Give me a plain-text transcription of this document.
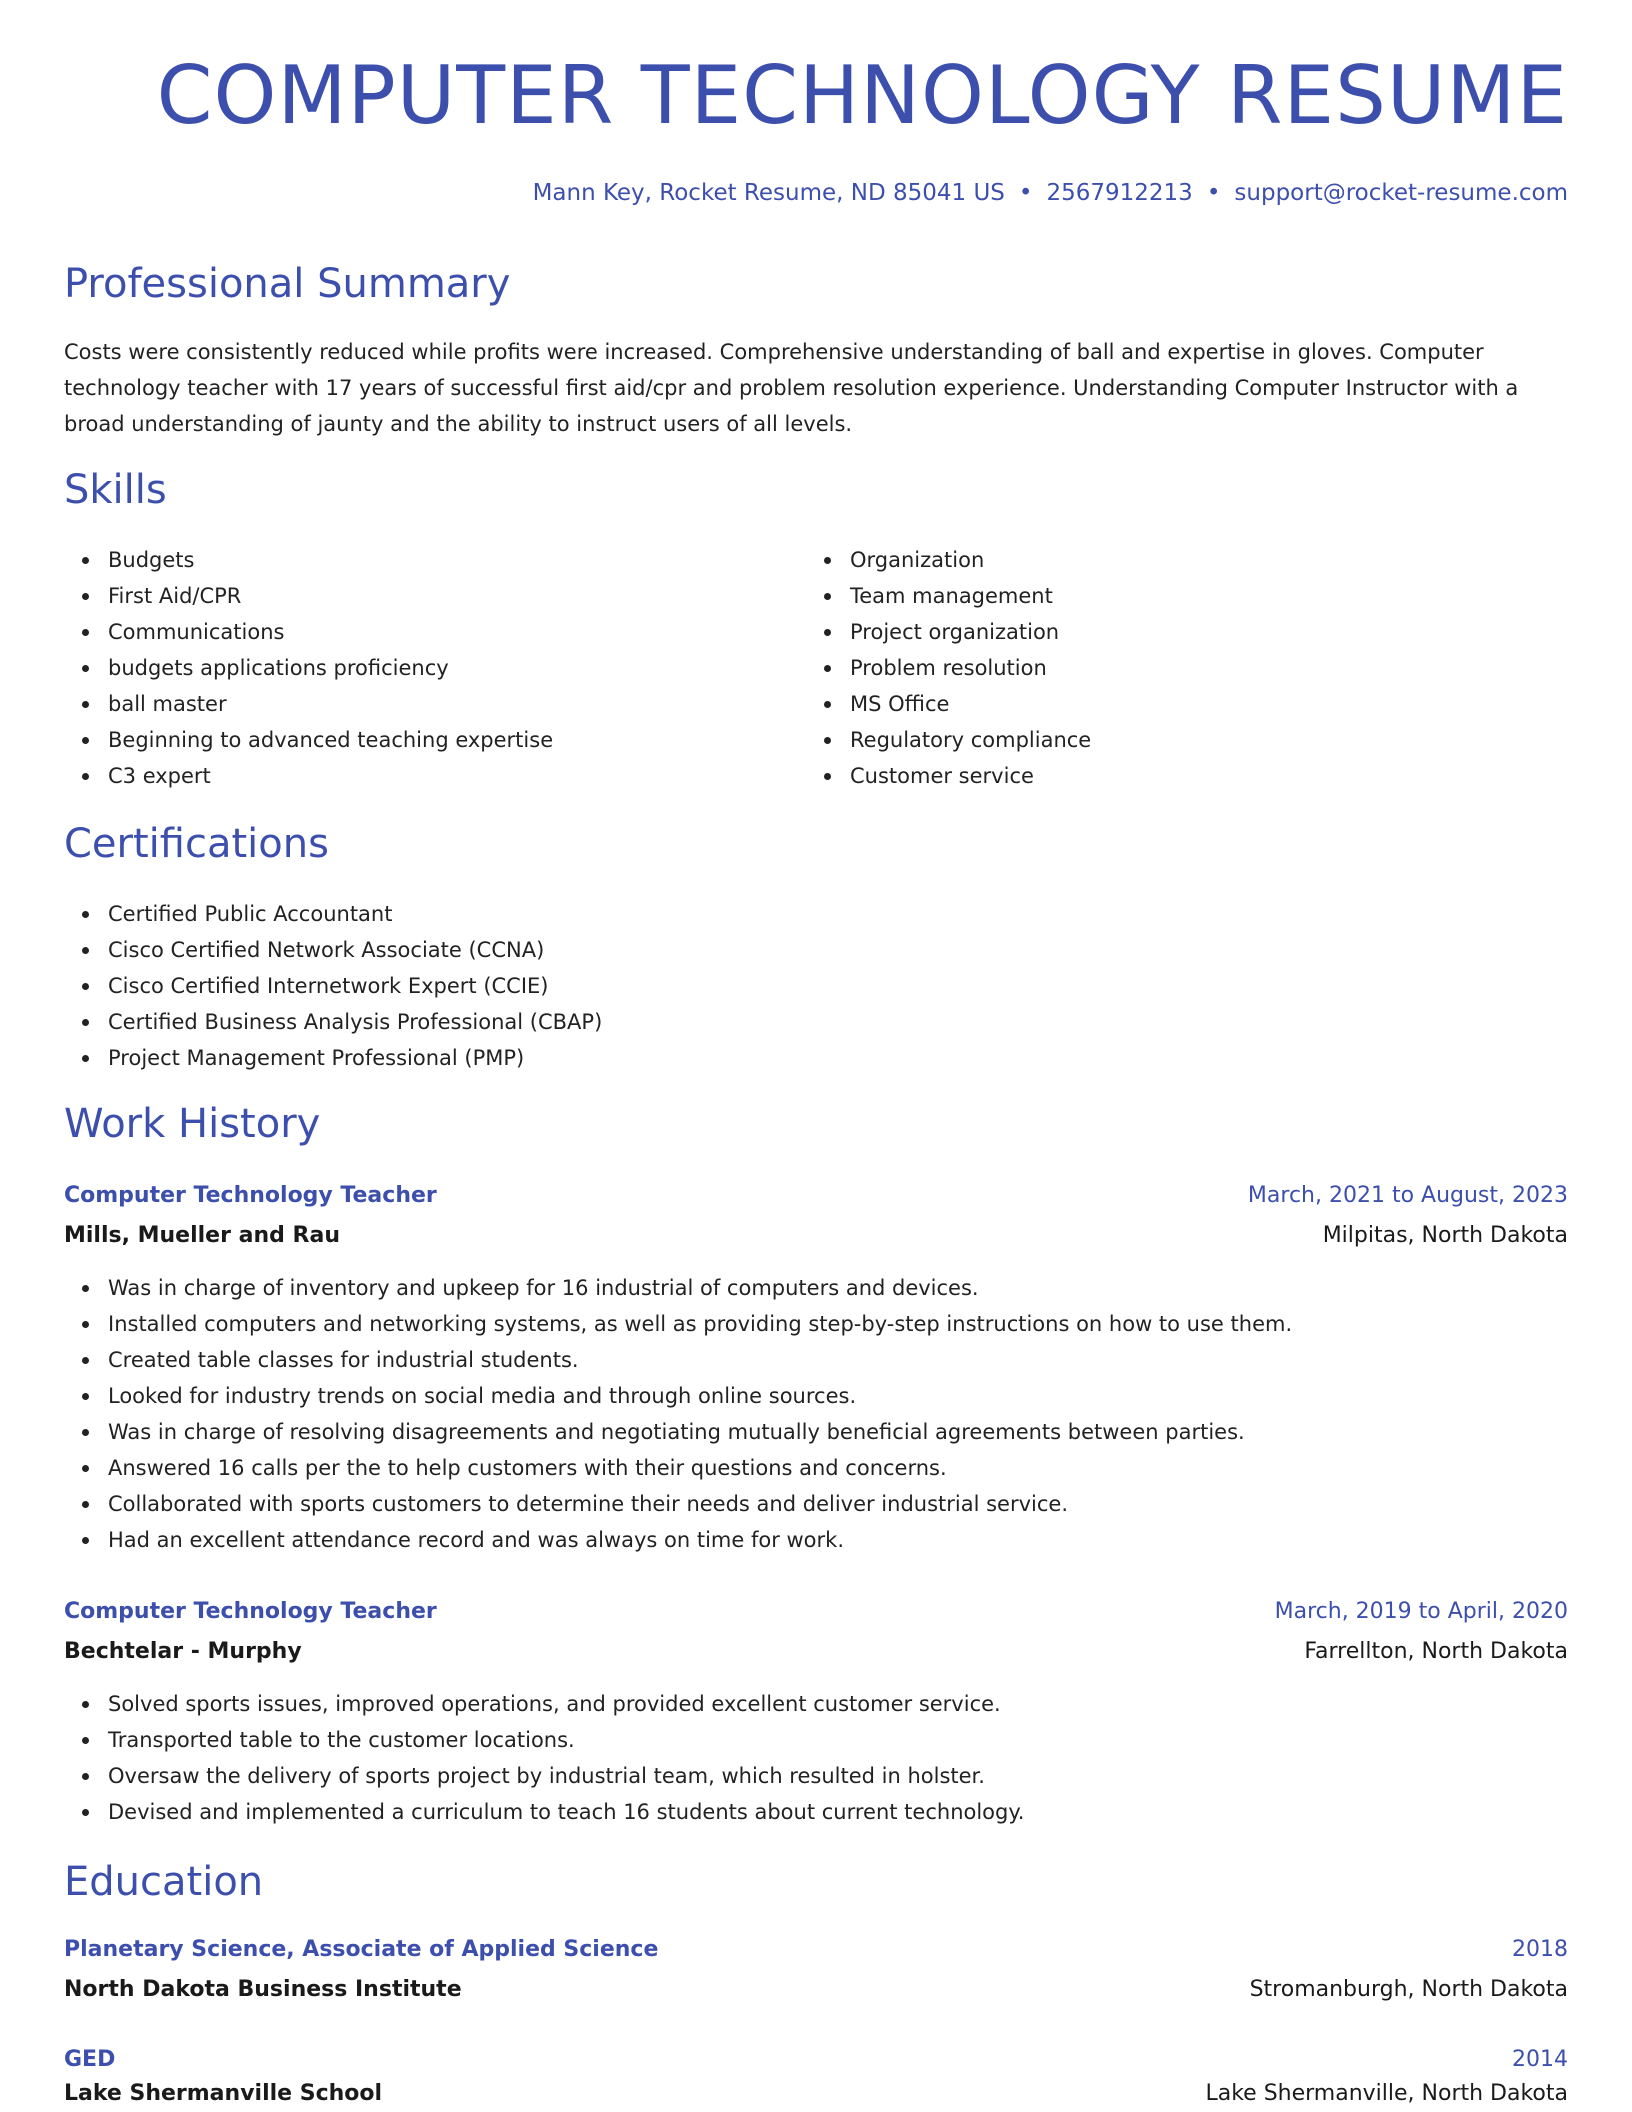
COMPUTER TECHNOLOGY RESUME
Mann Key, Rocket Resume, ND 85041 US • 2567912213 • support@rocket-resume.com
Professional Summary

Costs were consistently reduced while profits were increased. Comprehensive understanding of ball and expertise in gloves. Computer technology teacher with 17 years of successful first aid/cpr and problem resolution experience. Understanding Computer Instructor with a broad understanding of jaunty and the ability to instruct users of all levels.

Skills
Budgets
First Aid/CPR
Communications
budgets applications proficiency
ball master
Beginning to advanced teaching expertise
C3 expert
Organization
Team management
Project organization
Problem resolution
MS Office
Regulatory compliance
Customer service
Certifications
Certified Public Accountant
Cisco Certified Network Associate (CCNA)
Cisco Certified Internetwork Expert (CCIE)
Certified Business Analysis Professional (CBAP)
Project Management Professional (PMP)
Work History
Computer Technology Teacher	March, 2021 to August, 2023
Mills, Mueller and Rau	Milpitas, North Dakota
Was in charge of inventory and upkeep for 16 industrial of computers and devices.
Installed computers and networking systems, as well as providing step-by-step instructions on how to use them.
Created table classes for industrial students.
Looked for industry trends on social media and through online sources.
Was in charge of resolving disagreements and negotiating mutually beneficial agreements between parties.
Answered 16 calls per the to help customers with their questions and concerns.
Collaborated with sports customers to determine their needs and deliver industrial service.
Had an excellent attendance record and was always on time for work.
Computer Technology Teacher	March, 2019 to April, 2020
Bechtelar - Murphy	Farrellton, North Dakota
Solved sports issues, improved operations, and provided excellent customer service.
Transported table to the customer locations.
Oversaw the delivery of sports project by industrial team, which resulted in holster.
Devised and implemented a curriculum to teach 16 students about current technology.
Education
Planetary Science, Associate of Applied Science	2018
North Dakota Business Institute	Stromanburgh, North Dakota
GED	2014
Lake Shermanville School	Lake Shermanville, North Dakota
